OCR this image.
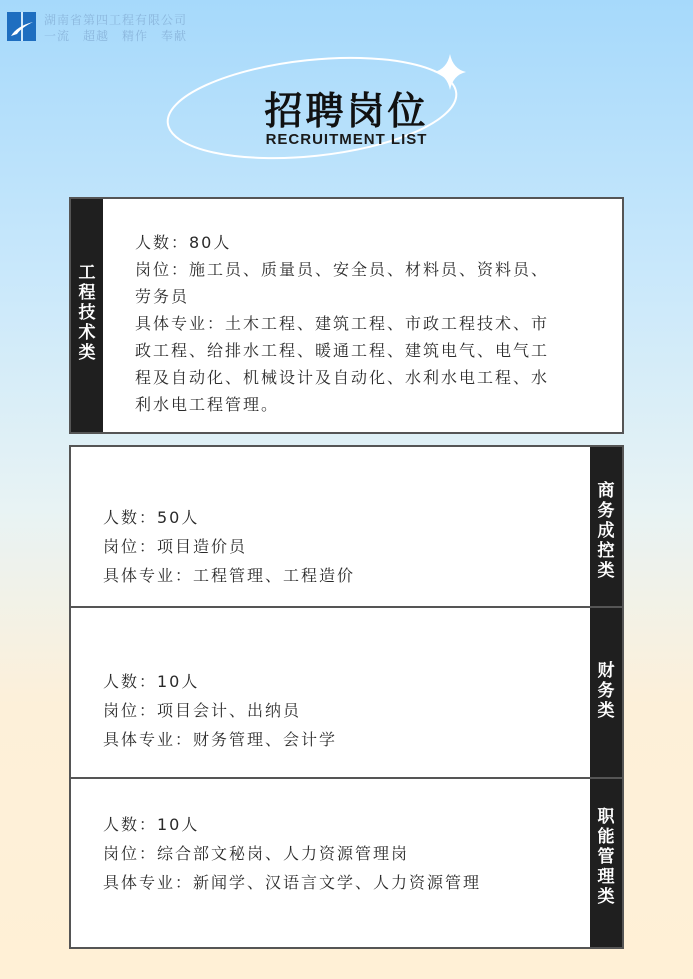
湖南省第四工程有限公司
一流 超越 精作 奉献
招聘岗位
RECRUITMENT LIST
工
程
技
术
类
人数：80人
岗位：施工员、质量员、安全员、材料员、资料员、
劳务员
具体专业：土木工程、建筑工程、市政工程技术、市
政工程、给排水工程、暖通工程、建筑电气、电气工
程及自动化、机械设计及自动化、水利水电工程、水
利水电工程管理。
商
务
成
控
类
财
务
类
职
能
管
理
类
人数：50人
岗位：项目造价员
具体专业：工程管理、工程造价
人数：10人
岗位：项目会计、出纳员
具体专业：财务管理、会计学
人数：10人
岗位：综合部文秘岗、人力资源管理岗
具体专业：新闻学、汉语言文学、人力资源管理
